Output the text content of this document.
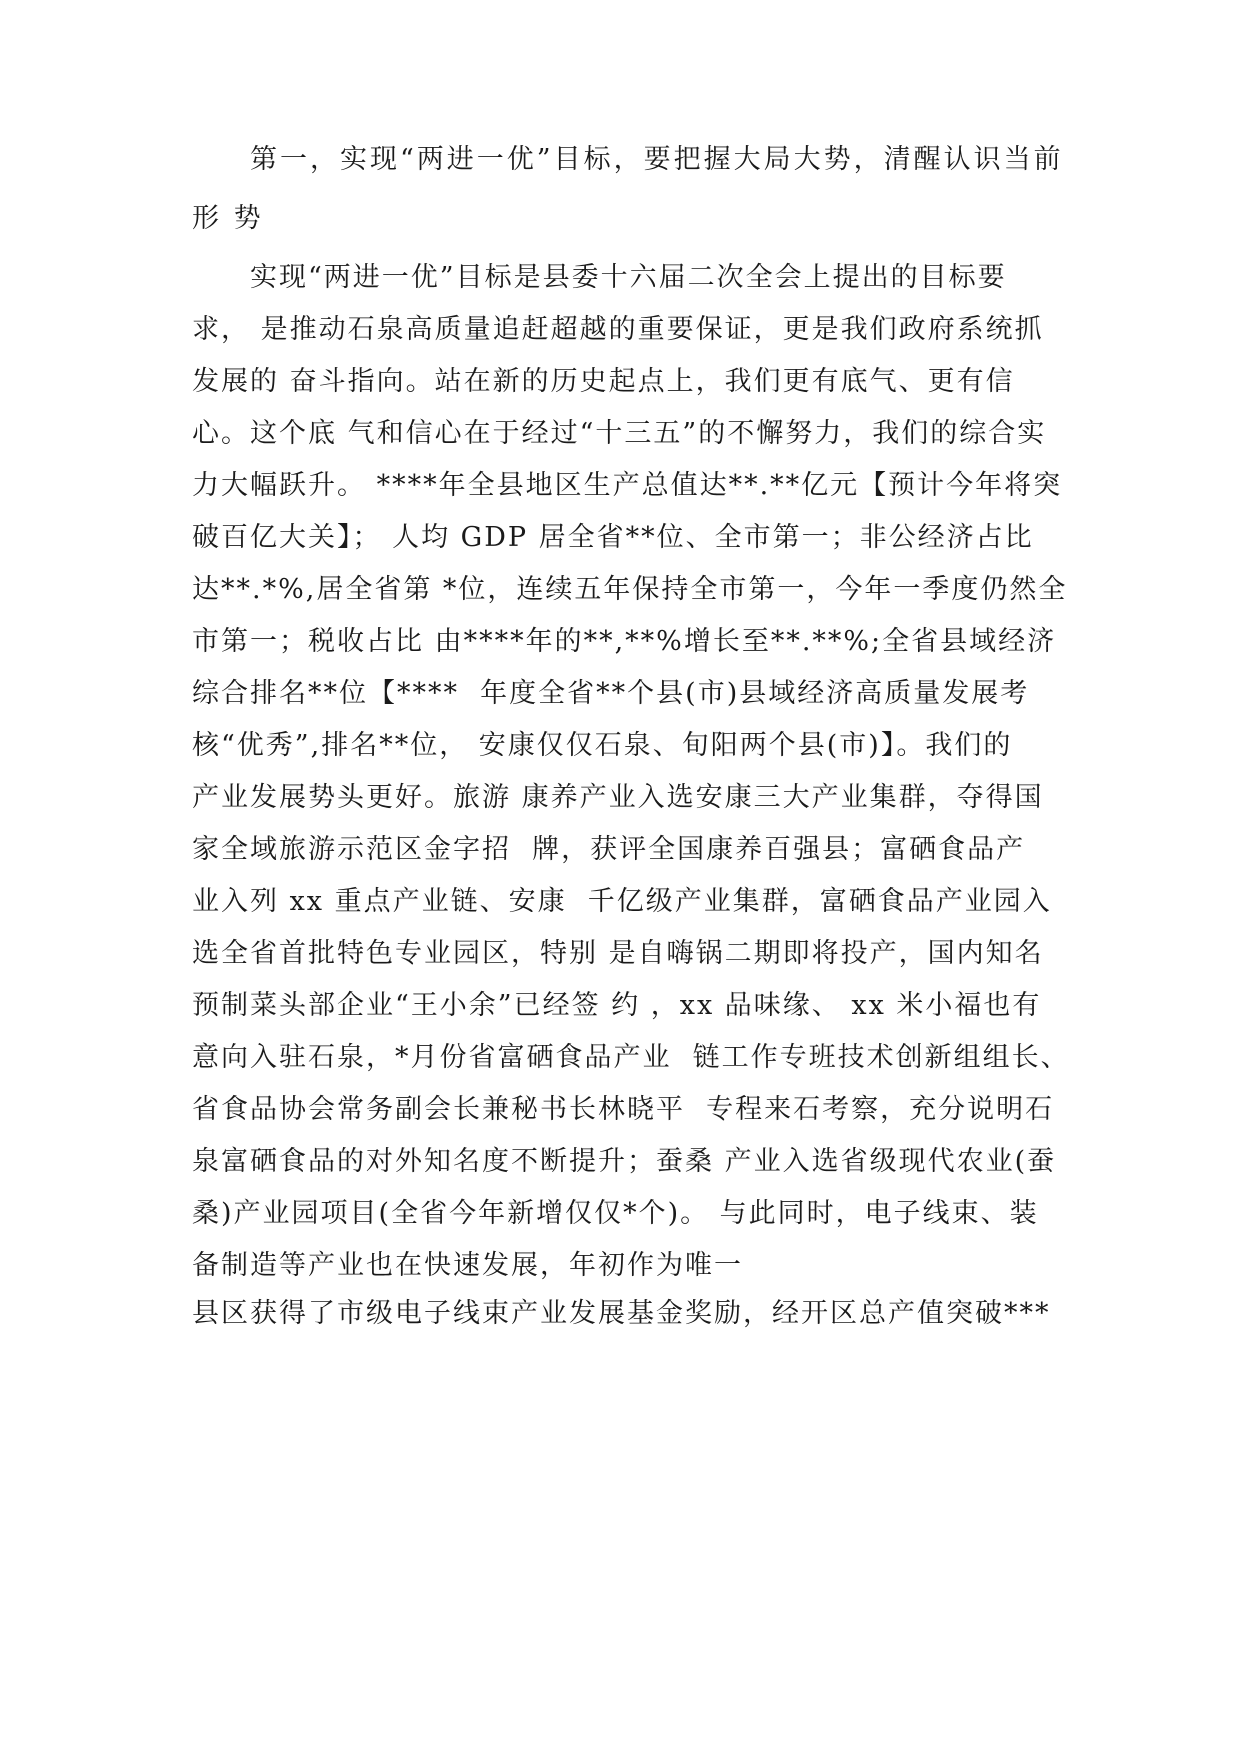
第一，实现“两进一优”目标，要把握大局大势，清醒认识当前
形 势
实现“两进一优”目标是县委十六届二次全会上提出的目标要
求， 是推动石泉高质量追赶超越的重要保证，更是我们政府系统抓
发展的 奋斗指向。站在新的历史起点上，我们更有底气、更有信
心。这个底 气和信心在于经过“十三五”的不懈努力，我们的综合实
力大幅跃升。 ****年全县地区生产总值达**.**亿元【预计今年将突
破百亿大关】； 人均 GDP 居全省**位、全市第一；非公经济占比
达**.*%,居全省第 *位，连续五年保持全市第一，今年一季度仍然全
市第一；税收占比 由****年的**,**%增长至**.**%;全省县域经济
综合排名**位【****  年度全省**个县(市)县域经济高质量发展考
核“优秀”,排名**位， 安康仅仅石泉、旬阳两个县(市)】。我们的
产业发展势头更好。旅游 康养产业入选安康三大产业集群，夺得国
家全域旅游示范区金字招  牌，获评全国康养百强县；富硒食品产
业入列 xx 重点产业链、安康  千亿级产业集群，富硒食品产业园入
选全省首批特色专业园区，特别 是自嗨锅二期即将投产，国内知名
预制菜头部企业“王小余”已经签 约 ，xx 品味缘、 xx 米小福也有
意向入驻石泉，*月份省富硒食品产业  链工作专班技术创新组组长、
省食品协会常务副会长兼秘书长林晓平  专程来石考察，充分说明石
泉富硒食品的对外知名度不断提升；蚕桑 产业入选省级现代农业(蚕
桑)产业园项目(全省今年新增仅仅*个)。 与此同时，电子线束、装
备制造等产业也在快速发展，年初作为唯一
县区获得了市级电子线束产业发展基金奖励，经开区总产值突破***
